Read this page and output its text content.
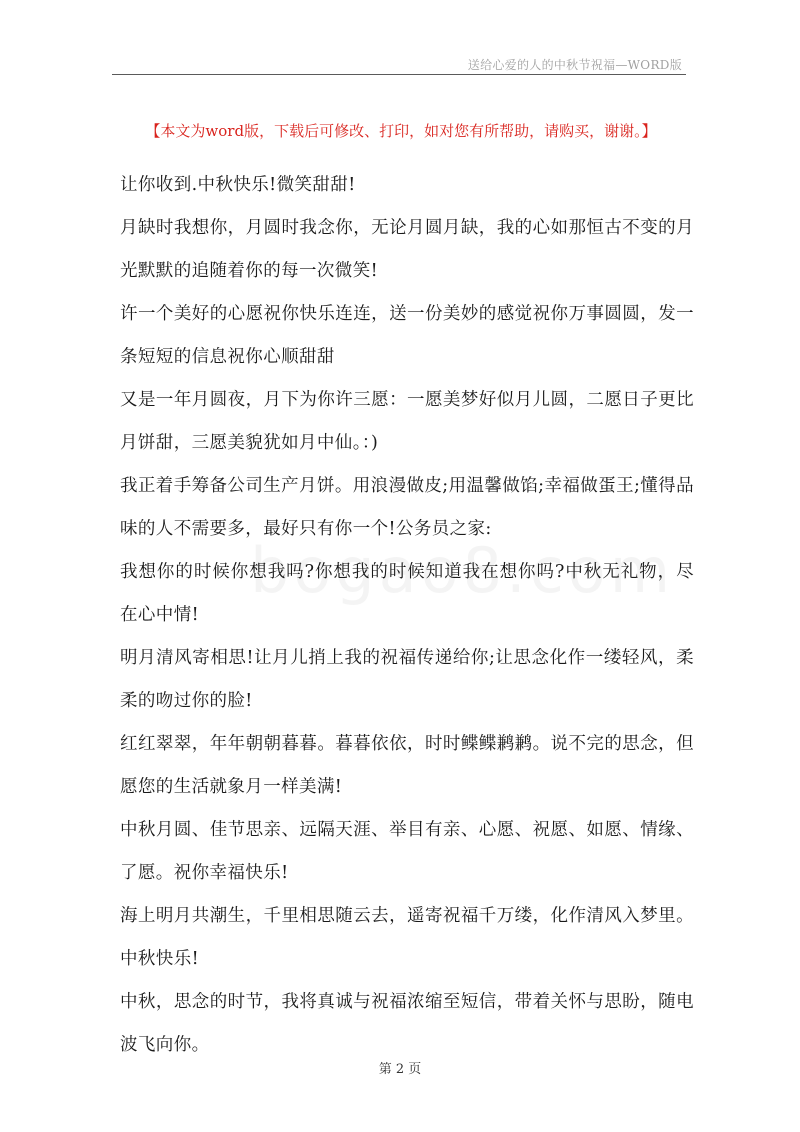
送给心爱的人的中秋节祝福—WORD版
【本文为word版，下载后可修改、打印，如对您有所帮助，请购买，谢谢。】

让你收到.中秋快乐!微笑甜甜!

月缺时我想你，月圆时我念你，无论月圆月缺，我的心如那恒古不变的月光默默的追随着你的每一次微笑!

许一个美好的心愿祝你快乐连连，送一份美妙的感觉祝你万事圆圆，发一条短短的信息祝你心顺甜甜

又是一年月圆夜，月下为你许三愿：一愿美梦好似月儿圆，二愿日子更比月饼甜，三愿美貌犹如月中仙。：)

我正着手筹备公司生产月饼。用浪漫做皮;用温馨做馅;幸福做蛋王;懂得品味的人不需要多，最好只有你一个!公务员之家:

我想你的时候你想我吗?你想我的时候知道我在想你吗?中秋无礼物，尽在心中情!

明月清风寄相思!让月儿捎上我的祝福传递给你;让思念化作一缕轻风，柔柔的吻过你的脸!

红红翠翠，年年朝朝暮暮。暮暮依依，时时鲽鲽鹣鹣。说不完的思念，但愿您的生活就象月一样美满!

中秋月圆、佳节思亲、远隔天涯、举目有亲、心愿、祝愿、如愿、情缘、了愿。祝你幸福快乐!

海上明月共潮生，千里相思随云去，遥寄祝福千万缕，化作清风入梦里。中秋快乐!

中秋，思念的时节，我将真诚与祝福浓缩至短信，带着关怀与思盼，随电波飞向你。

第 2 页
